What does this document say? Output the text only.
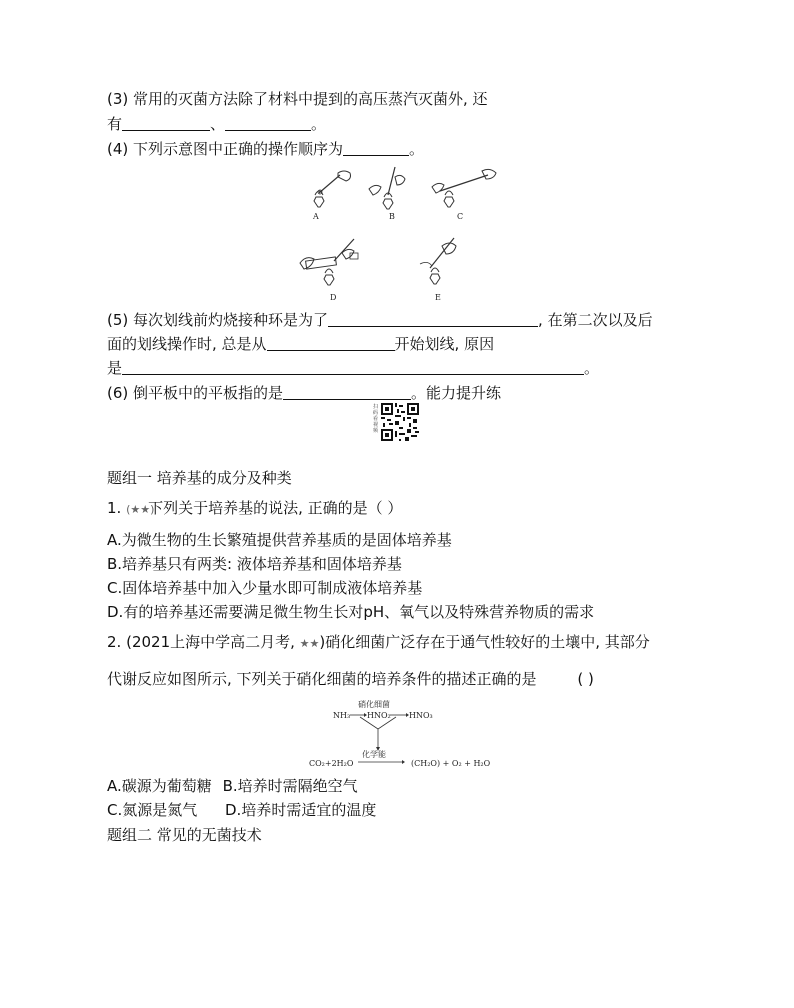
(3) 常用的灭菌方法除了材料中提到的高压蒸汽灭菌外, 还
有	、	。
(4) 下列示意图中正确的操作顺序为	。
A	B	C
D	E
(5) 每次划线前灼烧接种环是为了	, 在第二次以及后
面的划线操作时, 总是从	开始划线, 原因
是	。
(6) 倒平板中的平板指的是	。能力提升练
扫码看视频
题组一 培养基的成分及种类
1. (★★)下列关于培养基的说法, 正确的是（ ）
A.为微生物的生长繁殖提供营养基质的是固体培养基
B.培养基只有两类: 液体培养基和固体培养基
C.固体培养基中加入少量水即可制成液体培养基
D.有的培养基还需要满足微生物生长对pH、氧气以及特殊营养物质的需求
2. (2021上海中学高二月考, ★★)硝化细菌广泛存在于通气性较好的土壤中, 其部分
代谢反应如图所示, 下列关于硝化细菌的培养条件的描述正确的是	( )
硝化细菌
NH₃ HNO₂ HNO₃
化学能
CO₂+2H₂O	(CH₂O) + O₂ + H₂O
A.碳源为葡萄糖 B.培养时需隔绝空气
C.氮源是氮气 D.培养时需适宜的温度
题组二 常见的无菌技术
